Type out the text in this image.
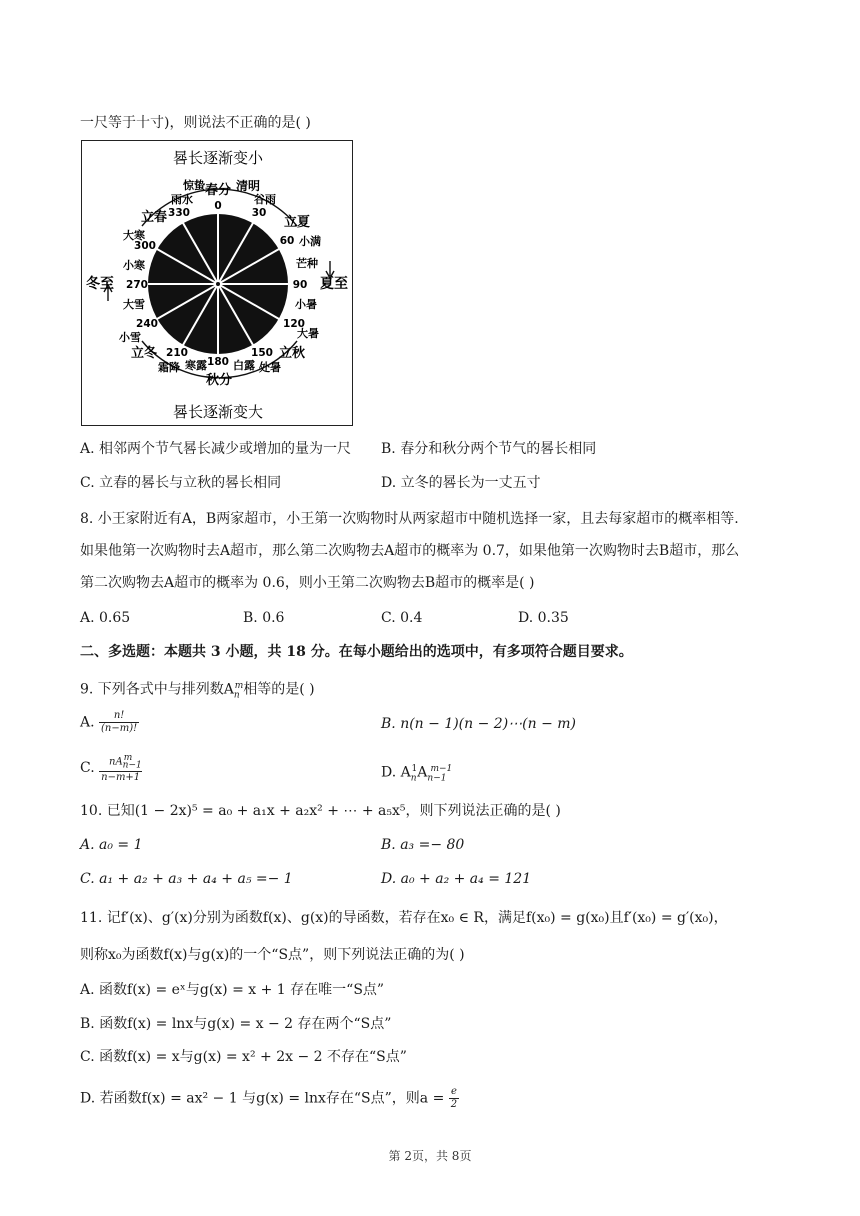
一尺等于十寸)，则说法不正确的是( )
晷长逐渐变小
晷长逐渐变大
冬至	夏至
0
30
60
90
120
150
180
210
240
270
300
330
春分 清明
谷雨
立夏
小满
芒种
小暑
大暑
立秋
处暑
白露
秋分
寒露
霜降
立冬
小雪
大雪
小寒
大寒
立春
雨水
惊蛰
A. 相邻两个节气晷长减少或增加的量为一尺 B. 春分和秋分两个节气的晷长相同
C. 立春的晷长与立秋的晷长相同	D. 立冬的晷长为一丈五寸
8. 小王家附近有A，B两家超市，小王第一次购物时从两家超市中随机选择一家，且去每家超市的概率相等.
如果他第一次购物时去A超市，那么第二次购物去A超市的概率为 0.7，如果他第一次购物时去B超市，那么
第二次购物去A超市的概率为 0.6，则小王第二次购物去B超市的概率是( )
A. 0.65	B. 0.6	C. 0.4	D. 0.35
二、多选题：本题共 3 小题，共 18 分。在每小题给出的选项中，有多项符合题目要求。
9. 下列各式中与排列数$A_n^m$相等的是( )
A. $\frac{n!}{(n-m)!}$	B. n(n − 1)(n − 2)⋯(n − m)
C. $\frac{nA_{n-1}^m}{n-m+1}$	D. $A_n^1A_{n-1}^{m-1}$
10. 已知(1 − 2x)⁵ = a₀ + a₁x + a₂x² + ⋯ + a₅x⁵，则下列说法正确的是( )
A. a₀ = 1	B. a₃ =− 80
C. a₁ + a₂ + a₃ + a₄ + a₅ =− 1	D. a₀ + a₂ + a₄ = 121
11. 记f′(x)、g′(x)分别为函数f(x)、g(x)的导函数，若存在x₀ ∈ R，满足f(x₀) = g(x₀)且f′(x₀) = g′(x₀)，
则称x₀为函数f(x)与g(x)的一个“S点”，则下列说法正确的为( )
A. 函数f(x) = eˣ与g(x) = x + 1 存在唯一“S点”
B. 函数f(x) = lnx与g(x) = x − 2 存在两个“S点”
C. 函数f(x) = x与g(x) = x² + 2x − 2 不存在“S点”
D. 若函数f(x) = ax² − 1 与g(x) = lnx存在“S点”，则$a = \frac{e}{2}$
第 2页，共 8页
